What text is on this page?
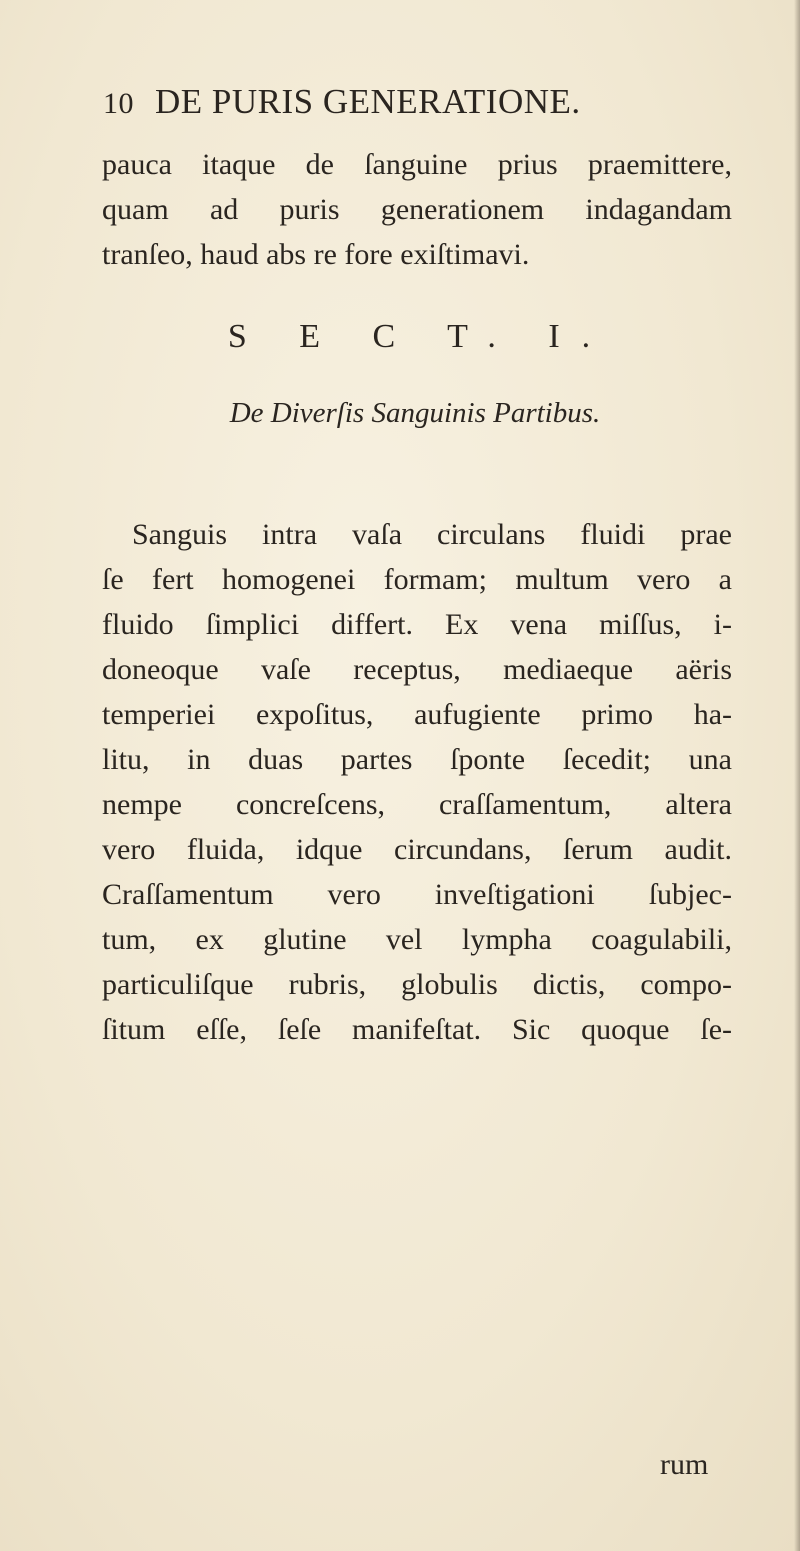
10 DE PURIS GENERATIONE.
pauca itaque de ſanguine prius praemittere,
quam ad puris generationem indagandam
tranſeo, haud abs re fore exiſtimavi.
S E C T. I.
De Diverſis Sanguinis Partibus.
Sanguis intra vaſa circulans fluidi prae
ſe fert homogenei formam; multum vero a
fluido ſimplici differt. Ex vena miſſus, i-
doneoque vaſe receptus, mediaeque aëris
temperiei expoſitus, aufugiente primo ha-
litu, in duas partes ſponte ſecedit; una
nempe concreſcens, craſſamentum, altera
vero fluida, idque circundans, ſerum audit.
Craſſamentum vero inveſtigationi ſubjec-
tum, ex glutine vel lympha coagulabili,
particuliſque rubris, globulis dictis, compo-
ſitum eſſe, ſeſe manifeſtat. Sic quoque ſe-
rum
